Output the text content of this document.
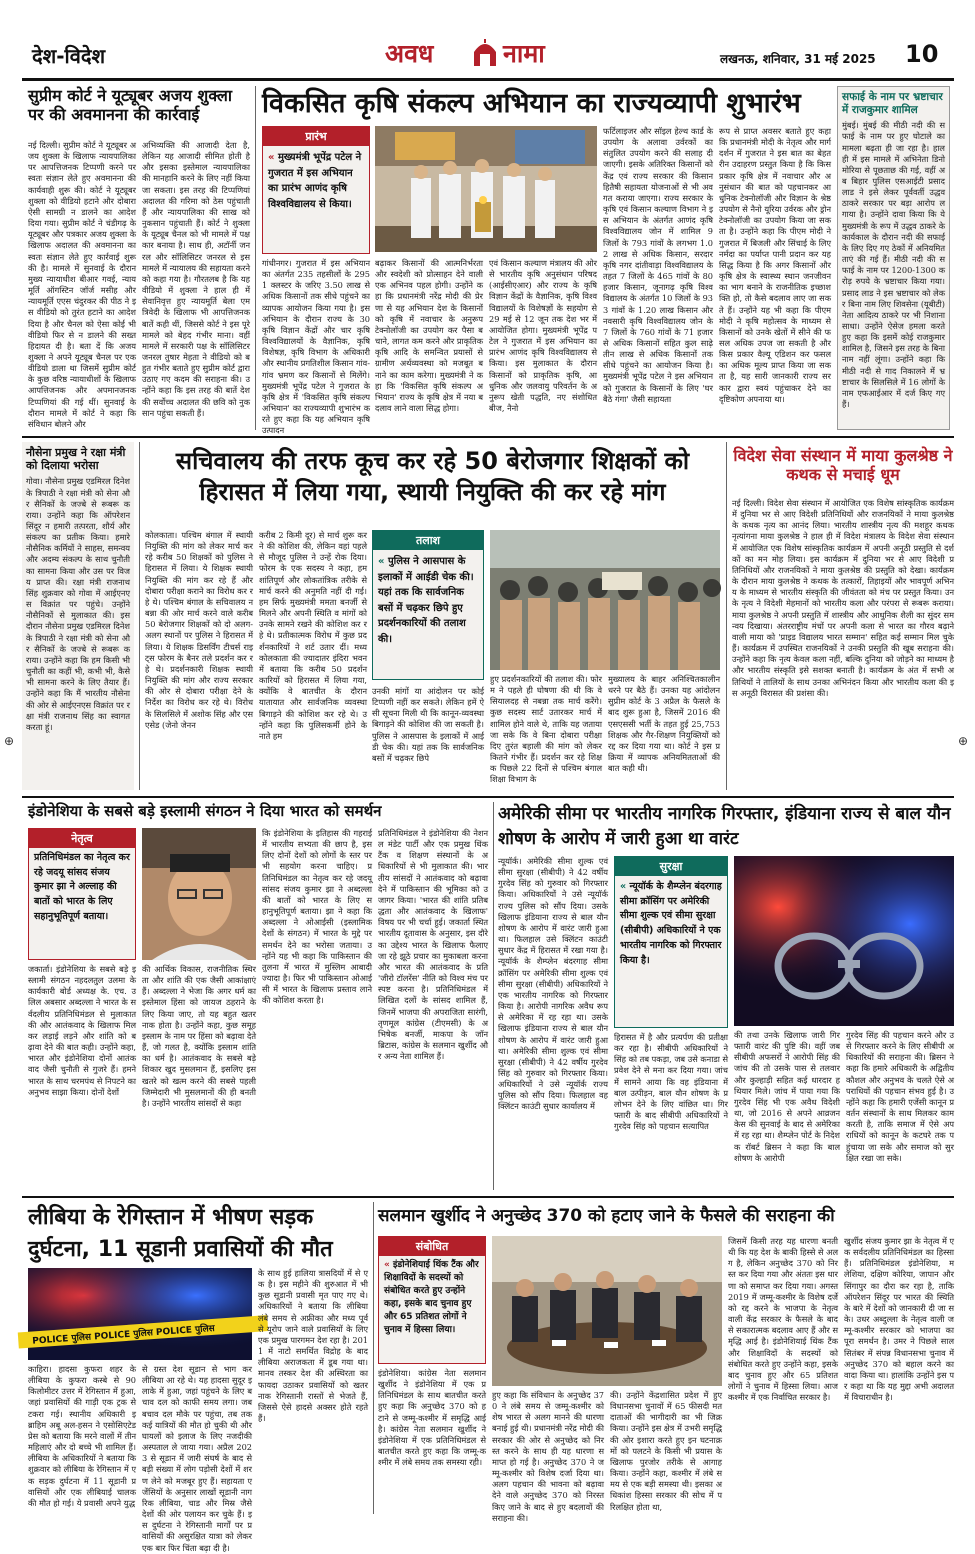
देश-विदेश	अवध	नामा	लखनऊ, शनिवार, 31 मई 2025 10
सुप्रीम कोर्ट ने यूट्यूबर अजय शुक्ला पर की अवमानना की कार्रवाई
नई दिल्ली। सुप्रीम कोर्ट ने यूट्यूबर अजय शुक्ला के खिलाफ न्यायपालिका पर आपत्तिजनक टिप्पणी करने पर स्वतः संज्ञान लेते हुए अवमानना की कार्यवाही शुरू की। कोर्ट ने यूट्यूबर शुक्ला को वीडियो हटाने और दोबारा ऐसी सामग्री न डालने का आदेश दिया गया। सुप्रीम कोर्ट ने चंडीगढ़ के यूट्यूबर और पत्रकार अजय शुक्ला के खिलाफ अदालत की अवमानना का स्वतः संज्ञान लेते हुए कार्रवाई शुरू की है। मामले में सुनवाई के दौरान मुख्य न्यायाधीश बीआर गवई, न्यायमूर्ति ऑगस्टिन जॉर्ज मसीह और न्यायमूर्ति एएस चंदुरकर की पीठ ने इस वीडियो को तुरंत हटाने का आदेश दिया है और चैनल को ऐसा कोई भी वीडियो फिर से न डालने की सख्त हिदायत दी है। बता दें कि अजय शुक्ला ने अपने यूट्यूब चैनल पर एक वीडियो डाला था जिसमें सुप्रीम कोर्ट के कुछ वरिष्ठ न्यायाधीशों के खिलाफ आपत्तिजनक और अपमानजनक टिप्पणियां की गई थीं। सुनवाई के दौरान मामले में कोर्ट ने कहा कि संविधान बोलने और
अभिव्यक्ति की आजादी देता है, लेकिन यह आजादी सीमित होती है और इसका इस्तेमाल न्यायपालिका की मानहानि करने के लिए नहीं किया जा सकता। इस तरह की टिप्पणियां अदालत की गरिमा को ठेस पहुंचाती हैं और न्यायपालिका की साख को नुकसान पहुंचाती हैं। कोर्ट ने शुक्ला के यूट्यूब चैनल को भी मामले में पक्षकार बनाया है। साथ ही, अटॉर्नी जनरल और सॉलिसिटर जनरल से इस मामले में न्यायालय की सहायता करने को कहा गया है। गौरतलब है कि यह वीडियो में शुक्ला ने हाल ही में सेवानिवृत्त हुए न्यायमूर्ति बेला एम त्रिवेदी के खिलाफ भी आपत्तिजनक बातें कही थीं, जिससे कोर्ट ने इस पूरे मामले को बेहद गंभीर माना। वहीं मामले में सरकारी पक्ष के सॉलिसिटर जनरल तुषार मेहता ने वीडियो को बहुत गंभीर बताते हुए सुप्रीम कोर्ट द्वारा उठाए गए कदम की सराहना की। उन्होंने कहा कि इस तरह की बातें देश की सर्वोच्च अदालत की छवि को नुकसान पहुंचा सकती हैं।
विकसित कृषि संकल्प अभियान का राज्यव्यापी शुभारंभ
प्रारंभ
« मुख्यमंत्री भूपेंद्र पटेल ने गुजरात में इस अभियान का प्रारंभ आणंद कृषि विश्वविद्यालय से किया।
गांधीनगर। गुजरात में इस अभियान का अंतर्गत 235 तहसीलों के 2951 क्लस्टर के जरिए 3.50 लाख से अधिक किसानों तक सीधे पहुंचने का व्यापक आयोजन किया गया है। इस अभियान के दौरान राज्य के 30 कृषि विज्ञान केंद्रों और चार कृषि विश्वविद्यालयों के वैज्ञानिक, कृषि विशेषज्ञ, कृषि विभाग के अधिकारी और स्थानीय प्रगतिशील किसान गांव-गांव भ्रमण कर किसानों से मिलेंगे। मुख्यमंत्री भूपेंद्र पटेल ने गुजरात के कृषि क्षेत्र में 'विकसित कृषि संकल्प अभियान' का राज्यव्यापी शुभारंभ करते हुए कहा कि यह अभियान कृषि उत्पादन
बढ़ाकर किसानों की आत्मनिर्भरता और स्वदेशी को प्रोत्साहन देने वाली एक अभिनव पहल होगी। उन्होंने कहा कि प्रधानमंत्री नरेंद्र मोदी की प्रेरणा से यह अभियान देश के किसानों को कृषि में नवाचार के अनुरूप टेक्नोलॉजी का उपयोग कर पैसा बचाने, लागत कम करने और प्राकृतिक कृषि आदि के समन्वित प्रयासों से ग्रामीण अर्थव्यवस्था को मजबूत बनाने का काम करेगा। मुख्यमंत्री ने कहा कि 'विकसित कृषि संकल्प अभियान' राज्य के कृषि क्षेत्र में नया बदलाव लाने वाला सिद्ध होगा।
एवं किसान कल्याण मंत्रालय की ओर से भारतीय कृषि अनुसंधान परिषद (आईसीएआर) और राज्य के कृषि विज्ञान केंद्रों के वैज्ञानिक, कृषि विश्वविद्यालयों के विशेषज्ञों के सहयोग से 29 मई से 12 जून तक देश भर में आयोजित होगा। मुख्यमंत्री भूपेंद्र पटेल ने गुजरात में इस अभियान का प्रारंभ आणंद कृषि विश्वविद्यालय से किया। इस मुलाकात के दौरान किसानों को प्राकृतिक कृषि, आधुनिक और जलवायु परिवर्तन के अनुरूप खेती पद्धति, नए संशोधित बीज, नैनो
फर्टिलाइजर और सॉइल हेल्थ कार्ड के उपयोग के अलावा उर्वरकों का संतुलित उपयोग करने की सलाह दी जाएगी। इसके अतिरिक्त किसानों को केंद्र एवं राज्य सरकार की किसान हितैषी सहायता योजनाओं से भी अवगत कराया जाएगा। राज्य सरकार के कृषि एवं किसान कल्याण विभाग ने इस अभियान के अंतर्गत आणंद कृषि विश्वविद्यालय जोन में शामिल 9 जिलों के 793 गांवों के लगभग 1.02 लाख से अधिक किसान, सरदार कृषि नगर दांतीवाड़ा विश्वविद्यालय के तहत 7 जिलों के 465 गांवों के 80 हजार किसान, जूनागढ़ कृषि विश्वविद्यालय के अंतर्गत 10 जिलों के 933 गांवों के 1.20 लाख किसान और नवसारी कृषि विश्वविद्यालय जोन के 7 जिलों के 760 गांवों के 71 हजार से अधिक किसानों सहित कुल साढ़े तीन लाख से अधिक किसानों तक सीधे पहुंचने का आयोजन किया है। मुख्यमंत्री भूपेंद्र पटेल ने इस अभियान को गुजरात के किसानों के लिए 'घर बैठे गंगा' जैसी सहायता
रूप से प्राप्त अवसर बताते हुए कहा कि प्रधानमंत्री मोदी के नेतृत्व और मार्गदर्शन में गुजरात ने इस बात का बेहतरीन उदाहरण प्रस्तुत किया है कि किस प्रकार कृषि क्षेत्र में नवाचार और अनुसंधान की बात को पहचानकर आधुनिक टेक्नोलॉजी और विज्ञान के श्रेष्ठ उपयोग से नैनो यूरिया उर्वरक और ड्रोन टेक्नोलॉजी का उपयोग किया जा सकता है। उन्होंने कहा कि पीएम मोदी ने गुजरात में बिजली और सिंचाई के लिए नर्मदा का पर्याप्त पानी प्रदान कर यह सिद्ध किया है कि अगर किसानों और कृषि क्षेत्र के स्वास्थ्य स्थान जनजीवन का भाग बनाने के राजनीतिक इच्छाशक्ति हो, तो कैसे बदलाव लाए जा सकते हैं। उन्होंने यह भी कहा कि पीएम मोदी ने कृषि महोत्सव के माध्यम से किसानों को उनके खेतों में सीने की फसल अधिक उपज जा सकती है और किस प्रकार वैल्यू एडिशन कर फसल का अधिक मूल्य प्राप्त किया जा सकता है, यह सारी जानकारी राज्य सरकार द्वारा स्वयं पहुंचाकर देने का दृष्टिकोण अपनाया था।
सफाई के नाम पर भ्रष्टाचार में राजकुमार शामिल
मुंबई। मुंबई की मीठी नदी की सफाई के नाम पर हुए घोटाले का मामला बढ़ता ही जा रहा है। हाल ही में इस मामले में अभिनेता डिनो मोरिया से पूछताछ की गई, वहीं अब बिहार पुलिस एसआईटी प्रसाद लाड ने इसे लेकर पूर्ववर्ती उद्धव ठाकरे सरकार पर बड़ा आरोप लगाया है। उन्होंने दावा किया कि ये मुख्यमंत्री के रूप में उद्धव ठाकरे के कार्यकाल के दौरान नदी की सफाई के लिए दिए गए ठेकों में अनियमितताएं की गई हैं। मीठी नदी की सफाई के नाम पर 1200-1300 करोड़ रुपये के भ्रष्टाचार किया गया। प्रसाद लाड ने इस भ्रष्टाचार को लेकर बिना नाम लिए शिवसेना (यूबीटी) नेता आदित्य ठाकरे पर भी निशाना साधा। उन्होंने ऐसेज हमला करते हुए कहा कि इसमें कोई राजकुमार शामिल है, जिसने इस तरह के बिना नाम नहीं लूंगा। उन्होंने कहा कि मीठी नदी से गाद निकालने में भ्रष्टाचार के सिलसिले में 16 लोगों के नाम एफआईआर में दर्ज किए गए हैं।
नौसेना प्रमुख ने रक्षा मंत्री को दिलाया भरोसा
गोवा। नौसेना प्रमुख एडमिरल दिनेश के त्रिपाठी ने रक्षा मंत्री को सेना और सैनिकों के जज्बे से रूबरू कराया। उन्होंने कहा कि ऑपरेशन सिंदूर न हमारी तत्परता, शौर्य और संकल्प का प्रतीक किया। हमारे नौसैनिक कर्मियों ने साहस, समन्वय और अदम्य संकल्प के साथ चुनौती का सामना किया और उस पर विजय प्राप्त की। रक्षा मंत्री राजनाथ सिंह शुक्रवार को गोवा में आईएनएस विक्रांत पर पहुंचे। उन्होंने नौसैनिकों से मुलाकात की। इस दौरान नौसेना प्रमुख एडमिरल दिनेश के त्रिपाठी ने रक्षा मंत्री को सेना और सैनिकों के जज्बे से रूबरू कराया। उन्होंने कहा कि हम किसी भी चुनौती का कहीं भी, कभी भी, कैसे भी सामना करने के लिए तैयार हैं। उन्होंने कहा कि मैं भारतीय नौसेना की ओर से आईएनएस विक्रांत पर रक्षा मंत्री राजनाथ सिंह का स्वागत करता हूं।
सचिवालय की तरफ कूच कर रहे 50 बेरोजगार शिक्षकों को हिरासत में लिया गया, स्थायी नियुक्ति की कर रहे मांग
कोलकाता। पश्चिम बंगाल में स्थायी नियुक्ति की मांग को लेकर मार्च कर रहे करीब 50 शिक्षकों को पुलिस ने हिरासत में लिया। ये शिक्षक स्थायी नियुक्ति की मांग कर रहे हैं और दोबारा परीक्षा कराने का विरोध कर रहे थे। पश्चिम बंगाल के सचिवालय नबन्ना की ओर मार्च करने वाले करीब 50 बेरोजगार शिक्षकों को दो अलग-अलग स्थानों पर पुलिस ने हिरासत में लिया। ये शिक्षक डिसर्विंग टीचर्स राइट्स फोरम के बैनर तले प्रदर्शन कर रहे थे। प्रदर्शनकारी शिक्षक स्थायी नियुक्ति की मांग और राज्य सरकार की ओर से दोबारा परीक्षा देने के निर्देश का विरोध कर रहे थे। विरोध के सिलसिले में अशोक सिंह और एसएसेड (जेनो जेनन
करीब 2 किमी दूर) से मार्च शुरू करने की कोशिश की, लेकिन वहां पहले से मौजूद पुलिस ने उन्हें रोक दिया। फोरम के एक सदस्य ने कहा, हम शांतिपूर्ण और लोकतांत्रिक तरीके से मार्च करने की अनुमति नहीं दी गई। हम सिर्फ मुख्यमंत्री ममता बनर्जी से मिलने और अपनी स्थिति व मांगों को उनके सामने रखने की कोशिश कर रहे थे। प्रतीकात्मक विरोध में कुछ प्रदर्शनकारियों ने शर्ट उतार दीं। मध्य कोलकाता की ज्यादातर इंदिरा भवन में बताया कि करीब 50 प्रदर्शनकारियों को हिरासत में लिया गया, क्योंकि वे बातचीत के दौरान यातायात और सार्वजनिक व्यवस्था बिगाड़ने की कोशिश कर रहे थे। उन्होंने कहा कि पुलिसकर्मी होने के नाते हम
तलाश
« पुलिस ने आसपास के इलाकों में आईडी चेक की। यहां तक कि सार्वजनिक बसों में चढ़कर छिपे हुए प्रदर्शनकारियों की तलाश की।
उनकी मांगों या आंदोलन पर कोई टिप्पणी नहीं कर सकते। लेकिन हमें ऐसी सूचना मिली थी कि कानून-व्यवस्था बिगाड़ने की कोशिश की जा सकती है। पुलिस ने आसपास के इलाकों में आईडी चेक की। यहां तक कि सार्वजनिक बसों में चढ़कर छिपे
हुए प्रदर्शनकारियों की तलाश की। फोरम ने पहले ही घोषणा की थी कि वे सियालदह से नबन्ना तक मार्च करेंगे। कुछ सदस्य सार्ट उतारकर मार्च में शामिल होने वाले थे, ताकि यह जताया जा सके कि वे बिना दोबारा परीक्षा दिए तुरंत बहाली की मांग को लेकर कितने गंभीर हैं। प्रदर्शन कर रहे शिक्षक पिछले 22 दिनों से पश्चिम बंगाल शिक्षा विभाग के
मुख्यालय के बाहर अनिश्चितकालीन धरने पर बैठे हैं। उनका यह आंदोलन सुप्रीम कोर्ट के 3 अप्रैल के फैसले के बाद शुरू हुआ है, जिसमें 2016 की एसएससी भर्ती के तहत हुई 25,753 शिक्षक और गैर-शिक्षण नियुक्तियों को रद्द कर दिया गया था। कोर्ट ने इस प्रक्रिया में व्यापक अनियमितताओं की बात कही थी।
विदेश सेवा संस्थान में माया कुलश्रेष्ठ ने कथक से मचाई धूम
नई दिल्ली। विदेश सेवा संस्थान में आयोजित एक विशेष सांस्कृतिक कार्यक्रम में दुनिया भर से आए विदेशी प्रतिनिधियों और राजनयिकों ने माया कुलश्रेष्ठ के कथक नृत्य का आनंद लिया। भारतीय शास्त्रीय नृत्य की मशहूर कथक नृत्यांगना माया कुलश्रेष्ठ ने हाल ही में विदेश मंत्रालय के विदेश सेवा संस्थान में आयोजित एक विशेष सांस्कृतिक कार्यक्रम में अपनी अनूठी प्रस्तुति से दर्शकों का मन मोह लिया। इस कार्यक्रम में दुनिया भर से आए विदेशी प्रतिनिधियों और राजनयिकों ने माया कुलश्रेष्ठ की प्रस्तुति को देखा। कार्यक्रम के दौरान माया कुलश्रेष्ठ ने कथक के तत्कारों, तिहाइयों और भावपूर्ण अभिनय के माध्यम से भारतीय संस्कृति की जीवंतता को मंच पर प्रस्तुत किया। उनके नृत्य ने विदेशी मेहमानों को भारतीय कला और परंपरा से रूबरू कराया। माया कुलश्रेष्ठ ने अपनी प्रस्तुति में शास्त्रीय और आधुनिक शैली का सुंदर समन्वय दिखाया। अंतरराष्ट्रीय मंचों पर अपनी कला से भारत का गौरव बढ़ाने वाली माया को 'प्राइड विद्यालय भारत सम्मान' सहित कई सम्मान मिल चुके हैं। कार्यक्रम में उपस्थित राजनयिकों ने उनकी प्रस्तुति की खूब सराहना की। उन्होंने कहा कि नृत्य केवल कला नहीं, बल्कि दुनिया को जोड़ने का माध्यम है और भारतीय संस्कृति इसे सशक्त बनाती है। कार्यक्रम के अंत में सभी अतिथियों ने तालियों के साथ उनका अभिनंदन किया और भारतीय कला की इस अनूठी विरासत की प्रशंसा की।
इंडोनेशिया के सबसे बड़े इस्लामी संगठन ने दिया भारत को समर्थन
नेतृत्व
प्रतिनिधिमंडल का नेतृत्व कर रहे जदयू सांसद संजय कुमार झा ने अल्लाह की बातों को भारत के लिए सहानुभूतिपूर्ण बताया।
जकार्ता। इंडोनेशिया के सबसे बड़े इस्लामी संगठन नहदलतुल उलमा के कार्यकारी बोर्ड अध्यक्ष के. एच. उलिल अबसार अब्दल्ला ने भारत के सर्वदलीय प्रतिनिधिमंडल से मुलाकात की और आतंकवाद के खिलाफ मिलकर लड़ाई लड़ने और शांति को बढ़ावा देने की बात कही। उन्होंने कहा, भारत और इंडोनेशिया दोनों आतंकवाद जैसी चुनौती से गुजरे हैं। हमने भारत के साथ चरमपंथ से निपटने का अनुभव साझा किया। दोनों देशों
की आर्थिक विकास, राजनीतिक स्थिरता और शांति की एक जैसी आकांक्षाएं हैं। अब्दल्ला ने भेजा कि अगर धर्म का इस्तेमाल हिंसा को जायज ठहराने के लिए किया जाए, तो यह बहुत खतरनाक होता है। उन्होंने कहा, कुछ समूह इस्लाम के नाम पर हिंसा को बढ़ावा देते हैं, जो गलत है, क्योंकि इस्लाम शांति का धर्म है। आतंकवाद के सबसे बड़े शिकार खुद मुसलमान हैं, इसलिए इस खतरे को खत्म करने की सबसे पहली जिम्मेदारी भी मुसलमानों की ही बनती है। उन्होंने भारतीय सांसदों से कहा
कि इंडोनेशिया के इतिहास की गहराई में भारतीय सभ्यता की छाप है, इसलिए दोनों देशों को लोगों के स्तर पर भी सहयोग करना चाहिए। प्रतिनिधिमंडल का नेतृत्व कर रहे जदयू सांसद संजय कुमार झा ने अब्दल्ला की बातों को भारत के लिए सहानुभूतिपूर्ण बताया। झा ने कहा कि अब्दल्ला ने ओआईसी (इस्लामिक देशों के संगठन) में भारत के मुद्दे पर समर्थन देने का भरोसा जताया। उन्होंने यह भी कहा कि पाकिस्तान की तुलना में भारत में मुस्लिम आबादी ज्यादा है। फिर भी पाकिस्तान ओआईसी में भारत के खिलाफ प्रस्ताव लाने की कोशिश करता है।
प्रतिनिधिमंडल ने इंडोनेशिया की नेशनल मंडेट पार्टी और एक प्रमुख थिंक टैंक व शिक्षण संस्थानों के अधिकारियों से भी मुलाकात की। भारतीय सांसदों ने आतंकवाद को बढ़ावा देने में पाकिस्तान की भूमिका को उजागर किया। 'भारत की शांति प्रतिबद्धता और आतंकवाद के खिलाफ' विषय पर भी चर्चा हुई। जकार्ता स्थित भारतीय दूतावास के अनुसार, इस दौरे का उद्देश्य भारत के खिलाफ फैलाए जा रहे झूठे प्रचार का मुकाबला करना और भारत की आतंकवाद के प्रति 'जीरो टॉलरेंस' नीति को विश्व मंच पर स्पष्ट करना है। प्रतिनिधिमंडल में लिखित दलों के सांसद शामिल हैं, जिनमें भाजपा की अपराजिता सारंगी, तृणमूल कांग्रेस (टीएमसी) के अभिषेक बनर्जी, माकपा के जॉन ब्रिटास, कांग्रेस के सलमान खुर्शीद और अन्य नेता शामिल हैं।
अमेरिकी सीमा पर भारतीय नागरिक गिरफ्तार, इंडियाना राज्य से बाल यौन शोषण के आरोप में जारी हुआ था वारंट
न्यूयॉर्क। अमेरिकी सीमा शुल्क एवं सीमा सुरक्षा (सीबीपी) ने 42 वर्षीय गुरदेव सिंह को गुरुवार को गिरफ्तार किया। अधिकारियों ने उसे न्यूयॉर्क राज्य पुलिस को सौंप दिया। उसके खिलाफ इंडियाना राज्य से बाल यौन शोषण के आरोप में वारंट जारी हुआ था। फिलहाल उसे क्लिंटन काउंटी सुधार केंद्र में हिरासत में रखा गया है। न्यूयॉर्क के शैम्प्लेन बंदरगाह सीमा क्रॉसिंग पर अमेरिकी सीमा शुल्क एवं सीमा सुरक्षा (सीबीपी) अधिकारियों ने एक भारतीय नागरिक को गिरफ्तार किया है। आरोपी नागरिक अवैध रूप से अमेरिका में रह रहा था। उसके खिलाफ इंडियाना राज्य से बाल यौन शोषण के आरोप में वारंट जारी हुआ था। अमेरिकी सीमा शुल्क एवं सीमा सुरक्षा (सीबीपी) ने 42 वर्षीय गुरदेव सिंह को गुरुवार को गिरफ्तार किया। अधिकारियों ने उसे न्यूयॉर्क राज्य पुलिस को सौंप दिया। फिलहाल वह क्लिंटन काउंटी सुधार कार्यालय में
सुरक्षा
« न्यूयॉर्क के शैम्प्लेन बंदरगाह सीमा क्रॉसिंग पर अमेरिकी सीमा शुल्क एवं सीमा सुरक्षा (सीबीपी) अधिकारियों ने एक भारतीय नागरिक को गिरफ्तार किया है।
हिरासत में है और प्रत्यर्पण की प्रतीक्षा कर रहा है। सीबीपी अधिकारियों ने सिंह को तब पकड़ा, जब उसे कनाडा से प्रवेश देने से मना कर दिया गया। जांच में सामने आया कि वह इंडियाना में बाल उत्पीड़न, बाल यौन शोषण के प्रलोभन देने के लिए वांछित था। गिरफ्तारी के बाद सीबीपी अधिकारियों ने गुरदेव सिंह को पहचान सत्यापित
की तथा उनके खिलाफ जारी गिरफ्तारी वारंट की पुष्टि की। वहीं जब सीबीपी अफसरों ने आरोपी सिंह की जांच की तो उसके पास से तलवार और कुल्हाड़ी सहित कई धारदार हथियार मिले। जांच में पाया गया कि गुरदेव सिंह भी एक अवैध विदेशी था, जो 2016 से अपने आव्रजन केस की सुनवाई के बाद से अमेरिका में रह रहा था। शैम्प्लेन पोर्ट के निदेशक रॉबर्ट ब्रिसन ने कहा कि बाल शोषण के आरोपी
गुरदेव सिंह की पहचान करने और उसे गिरफ्तार करने के लिए सीबीपी अधिकारियों की सराहना की। ब्रिसन ने कहा कि हमारे अधिकारी के अद्वितीय कौशल और अनुभव के चलते ऐसे अपराधियों की पहचान संभव हुई है। उन्होंने कहा कि हमारी एजेंसी कानून प्रवर्तन संस्थानों के साथ मिलकर काम करती है, ताकि समाज में ऐसे अपराधियों को कानून के कटघरे तक पहुंचाया जा सके और समाज को सुरक्षित रखा जा सके।
लीबिया के रेगिस्तान में भीषण सड़क दुर्घटना, 11 सूडानी प्रवासियों की मौत
POLICE पुलिस POLICE पुलिस POLICE पुलिस
काहिरा। हादसा कुफरा शहर के लीबिया के कुफरा कस्बे से 90 किलोमीटर उत्तर में रेगिस्तान में हुआ, जहां प्रवासियों की गाड़ी एक ट्रक से टकरा गई। स्थानीय अधिकारी इब्राहिम अबू अल-हसन ने एसोसिएटेड प्रेस को बताया कि मरने वालों में तीन महिलाएं और दो बच्चे भी शामिल हैं। लीबिया के अधिकारियों ने बताया कि शुक्रवार को लीबिया के रेगिस्तान में एक सड़क दुर्घटना में 11 सूडानी प्रवासियों और एक लीबियाई चालक की मौत हो गई। ये प्रवासी अपने युद्ध
से ग्रस्त देश सूडान से भाग कर लीबिया आ रहे थे। यह हादसा सुदूर इलाके में हुआ, जहां पहुंचने के लिए बचाव दल को काफी समय लगा। जब बचाव दल मौके पर पहुंचा, तब तक कई यात्रियों की मौत हो चुकी थी और घायलों को इलाज के लिए नजदीकी अस्पताल ले जाया गया। अप्रैल 2023 से सूडान में जारी संघर्ष के बाद से बड़ी संख्या में लोग पड़ोसी देशों में शरण लेने को मजबूर हुए हैं। सहायता एजेंसियों के अनुसार लाखों सूडानी नागरिक लीबिया, चाड और मिस्र जैसे देशों की ओर पलायन कर चुके हैं। इस दुर्घटना ने रेगिस्तानी मार्गों पर प्रवासियों की असुरक्षित यात्रा को लेकर एक बार फिर चिंता बढ़ा दी है।
के साथ हुई हालिया त्रासदियों में से एक है। इस महीने की शुरुआत में भी कुछ सूडानी प्रवासी मृत पाए गए थे। अधिकारियों ने बताया कि लीबिया लंबे समय से अफ्रीका और मध्य पूर्व से यूरोप जाने वाले प्रवासियों के लिए एक प्रमुख पारगमन देश रहा है। 2011 में नाटो समर्थित विद्रोह के बाद लीबिया अराजकता में डूब गया था। मानव तस्कर देश की अस्थिरता का फायदा उठाकर प्रवासियों को खतरनाक रेगिस्तानी रास्तों से भेजते हैं, जिससे ऐसे हादसे अक्सर होते रहते हैं।
सलमान खुर्शीद ने अनुच्छेद 370 को हटाए जाने के फैसले की सराहना की
संबोधित
« इंडोनेशियाई थिंक टैंक और शिक्षाविदों के सदस्यों को संबोधित करते हुए उन्होंने कहा, इसके बाद चुनाव हुए और 65 प्रतिशत लोगों ने चुनाव में हिस्सा लिया।
इंडोनेशिया। कांग्रेस नेता सलमान खुर्शीद ने इंडोनेशिया में एक प्रतिनिधिमंडल के साथ बातचीत करते हुए कहा कि अनुच्छेद 370 को हटाने से जम्मू-कश्मीर में समृद्धि आई है। कांग्रेस नेता सलमान खुर्शीद ने इंडोनेशिया में एक प्रतिनिधिमंडल से बातचीत करते हुए कहा कि जम्मू-कश्मीर में लंबे समय तक समस्या रही।
हुए कहा कि संविधान के अनुच्छेद 370 ने लंबे समय से जम्मू-कश्मीर को शेष भारत से अलग मानने की धारणा बनाई हुई थी। प्रधानमंत्री नरेंद्र मोदी की सरकार की ओर से अनुच्छेद को निरस्त करने के साथ ही यह धारणा समाप्त हो गई है। अनुच्छेद 370 ने जम्मू-कश्मीर को विशेष दर्जा दिया था। अलग पहचान की भावना को बढ़ावा देने वाले अनुच्छेद 370 को निरस्त किए जाने के बाद से हुए बदलावों की सराहना की।
की। उन्होंने केंद्रशासित प्रदेश में हुए विधानसभा चुनावों में 65 फीसदी मतदाताओं की भागीदारी का भी जिक्र किया। उन्होंने इस क्षेत्र में उभरी समृद्धि की ओर इशारा करते हुए इन घटनाक्रमों को पलटने के किसी भी प्रयास के खिलाफ पुरजोर तरीके से आगाह किया। उन्होंने कहा, कश्मीर में लंबे समय से एक बड़ी समस्या थी। इसका अधिकांश हिस्सा सरकार की सोच में परिलक्षित होता था,
जिसमें किसी तरह यह धारणा बनती थी कि यह देश के बाकी हिस्से से अलग है, लेकिन अनुच्छेद 370 को निरस्त कर दिया गया और अंततः इस धारणा को समाप्त कर दिया गया। अगस्त 2019 में जम्मू-कश्मीर के विशेष दर्जे को रद्द करने के भाजपा के नेतृत्व वाली केंद्र सरकार के फैसले के बाद से सकारात्मक बदलाव आए हैं और समृद्धि आई है। इंडोनेशियाई थिंक टैंक और शिक्षाविदों के सदस्यों को संबोधित करते हुए उन्होंने कहा, इसके बाद चुनाव हुए और 65 प्रतिशत लोगों ने चुनाव में हिस्सा लिया। आज कश्मीर में एक निर्वाचित सरकार है।
खुर्शीद संजय कुमार झा के नेतृत्व में एक सर्वदलीय प्रतिनिधिमंडल का हिस्सा हैं। प्रतिनिधिमंडल इंडोनेशिया, मलेशिया, दक्षिण कोरिया, जापान और सिंगापुर का दौरा कर रहा है, ताकि ऑपरेशन सिंदूर पर भारत की स्थिति के बारे में देशों को जानकारी दी जा सके। उधर अब्दुल्ला के नेतृत्व वाली जम्मू-कश्मीर सरकार को भाजपा का पूरा समर्थन है। उमर ने पिछले साल सितंबर में संपन्न विधानसभा चुनाव में अनुच्छेद 370 को बहाल करने का वादा किया था। हालांकि उन्होंने इस पर कहा था कि यह मुद्दा अभी अदालत में विचाराधीन है।
⊕	⊕
